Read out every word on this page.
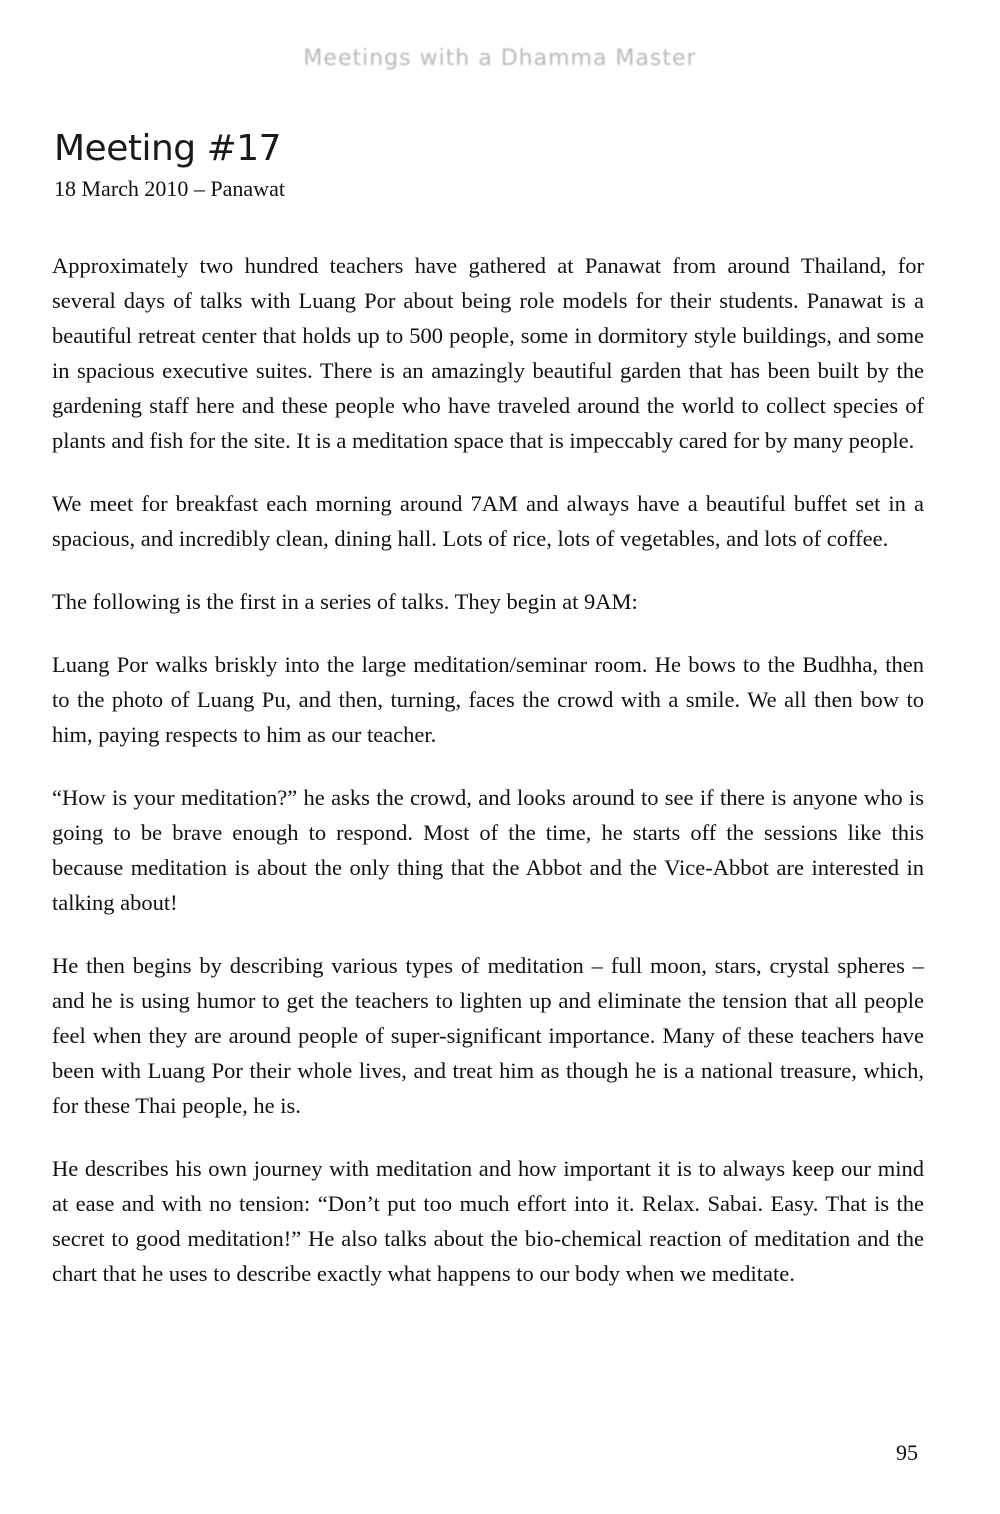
Meetings with a Dhamma Master
Meeting #17
18 March 2010 – Panawat

Approximately two hundred teachers have gathered at Panawat from around Thailand, for several days of talks with Luang Por about being role models for their students. Panawat is a beautiful retreat center that holds up to 500 people, some in dormitory style buildings, and some in spacious executive suites. There is an amazingly beautiful garden that has been built by the gardening staff here and these people who have traveled around the world to collect species of plants and fish for the site. It is a meditation space that is impeccably cared for by many people.

We meet for breakfast each morning around 7AM and always have a beautiful buffet set in a spacious, and incredibly clean, dining hall. Lots of rice, lots of vegetables, and lots of coffee.

The following is the first in a series of talks. They begin at 9AM:

Luang Por walks briskly into the large meditation/seminar room. He bows to the Budhha, then to the photo of Luang Pu, and then, turning, faces the crowd with a smile. We all then bow to him, paying respects to him as our teacher.

“How is your meditation?” he asks the crowd, and looks around to see if there is anyone who is going to be brave enough to respond. Most of the time, he starts off the sessions like this because meditation is about the only thing that the Abbot and the Vice-Abbot are interested in talking about!

He then begins by describing various types of meditation – full moon, stars, crystal spheres – and he is using humor to get the teachers to lighten up and eliminate the tension that all people feel when they are around people of super-significant importance. Many of these teachers have been with Luang Por their whole lives, and treat him as though he is a national treasure, which, for these Thai people, he is.

He describes his own journey with meditation and how important it is to always keep our mind at ease and with no tension: “Don’t put too much effort into it. Relax. Sabai. Easy. That is the secret to good meditation!” He also talks about the bio-chemical reaction of meditation and the chart that he uses to describe exactly what happens to our body when we meditate.

95
